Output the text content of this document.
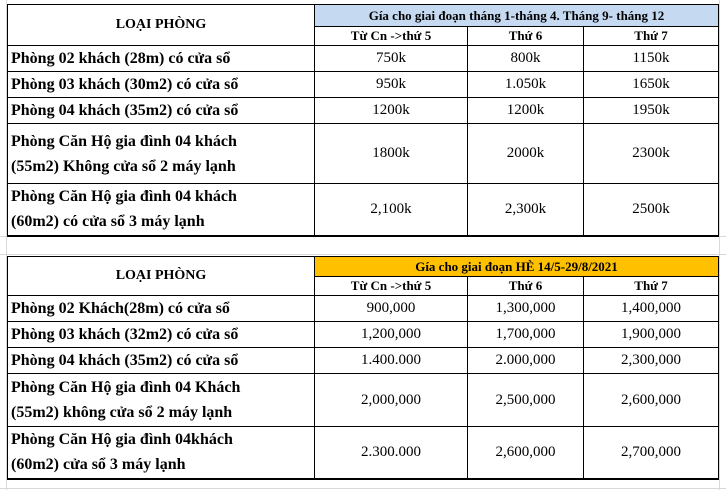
LOẠI PHÒNG	Gía cho giai đoạn tháng 1-tháng 4. Tháng 9- tháng 12		
	Từ Cn ->thứ 5	Thứ 6	Thứ 7
Phòng 02 khách (28m) có cửa sổ	750k	800k	1150k
Phòng 03 khách (30m2) có cửa sổ	950k	1.050k	1650k
Phòng 04 khách (35m2) có cửa sổ	1200k	1200k	1950k

Phòng Căn Hộ gia đình 04 khách
(55m2) Không cửa sổ 2 máy lạnh	1800k	2000k	2300k

Phòng Căn Hộ gia đình 04 khách
(60m2) có cửa sổ 3 máy lạnh	2,100k	2,300k	2500k
LOẠI PHÒNG	Gía cho giai đoạn HÈ 14/5-29/8/2021		
	Từ Cn ->thứ 5	Thứ 6	Thứ 7
Phòng 02 Khách(28m) có cửa sổ	900,000	1,300,000	1,400,000
Phòng 03 khách (32m2) có cửa sổ	1,200,000	1,700,000	1,900,000
Phòng 04 khách (35m2) có cửa sổ	1.400.000	2.000,000	2,300,000

Phòng Căn Hộ gia đình 04 Khách
(55m2) không cửa sổ 2 máy lạnh	2,000,000	2,500,000	2,600,000

Phòng Căn Hộ gia đình 04khách
(60m2) cửa sổ 3 máy lạnh	2.300.000	2,600,000	2,700,000
